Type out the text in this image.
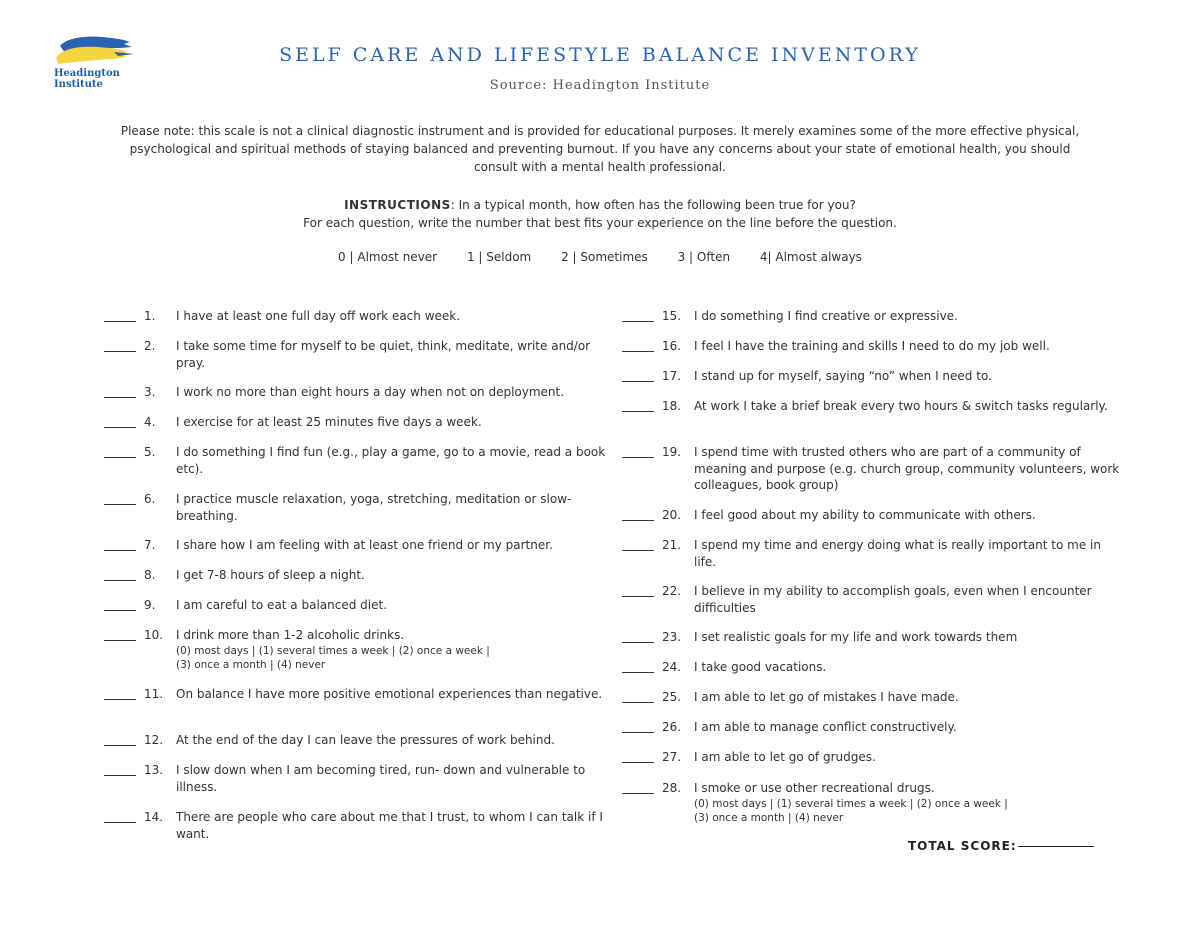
Headington
Institute
SELF CARE AND LIFESTYLE BALANCE INVENTORY
Source: Headington Institute
Please note: this scale is not a clinical diagnostic instrument and is provided for educational purposes. It merely examines some of the more effective physical, psychological and spiritual methods of staying balanced and preventing burnout. If you have any concerns about your state of emotional health, you should consult with a mental health professional.
INSTRUCTIONS: In a typical month, how often has the following been true for you?
For each question, write the number that best fits your experience on the line before the question.
0 | Almost never 1 | Seldom 2 | Sometimes 3 | Often 4| Almost always
1.	I have at least one full day off work each week.
2.	I take some time for myself to be quiet, think, meditate, write and/or pray.
3.	I work no more than eight hours a day when not on deployment.
4.	I exercise for at least 25 minutes five days a week.
5.	I do something I find fun (e.g., play a game, go to a movie, read a book etc).
6.	I practice muscle relaxation, yoga, stretching, meditation or slow-breathing.
7.	I share how I am feeling with at least one friend or my partner.
8.	I get 7-8 hours of sleep a night.
9.	I am careful to eat a balanced diet.
10.	I drink more than 1-2 alcoholic drinks.
(0) most days | (1) several times a week | (2) once a week |
(3) once a month | (4) never
11.	On balance I have more positive emotional experiences than negative.
12.	At the end of the day I can leave the pressures of work behind.
13.	I slow down when I am becoming tired, run- down and vulnerable to illness.
14.	There are people who care about me that I trust, to whom I can talk if I want.
15.	I do something I find creative or expressive.
16.	I feel I have the training and skills I need to do my job well.
17.	I stand up for myself, saying “no” when I need to.
18.	At work I take a brief break every two hours & switch tasks regularly.
19.	I spend time with trusted others who are part of a community of meaning and purpose (e.g. church group, community volunteers, work colleagues, book group)
20.	I feel good about my ability to communicate with others.
21.	I spend my time and energy doing what is really important to me in life.
22.	I believe in my ability to accomplish goals, even when I encounter difficulties
23.	I set realistic goals for my life and work towards them
24.	I take good vacations.
25.	I am able to let go of mistakes I have made.
26.	I am able to manage conflict constructively.
27.	I am able to let go of grudges.
28.	I smoke or use other recreational drugs.
(0) most days | (1) several times a week | (2) once a week |
(3) once a month | (4) never
TOTAL SCORE:
